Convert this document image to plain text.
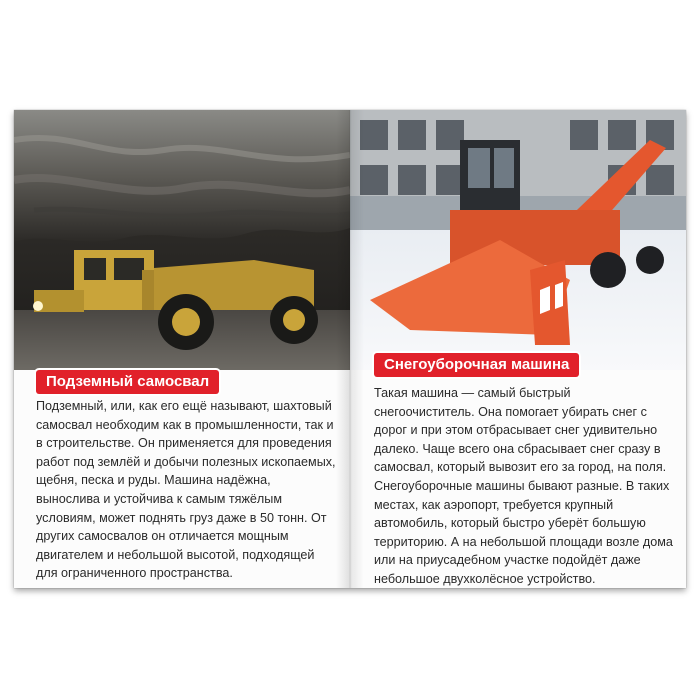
Подземный самосвал

Подземный, или, как его ещё называют, шахтовый самосвал необходим как в промышленности, так и в строительстве. Он применяется для проведения работ под землёй и добычи полезных ископаемых, щебня, песка и руды. Машина надёжна, вынослива и устойчива к самым тяжёлым условиям, может поднять груз даже в 50 тонн. От других самосвалов он отличается мощным двигателем и небольшой высотой, подходящей для ограниченного пространства.

Снегоуборочная машина

Такая машина — самый быстрый снегоочиститель. Она помогает убирать снег с дорог и при этом отбрасывает снег удивительно далеко. Чаще всего она сбрасывает снег сразу в самосвал, который вывозит его за город, на поля. Снегоуборочные машины бывают разные. В таких местах, как аэропорт, требуется крупный автомобиль, который быстро уберёт большую территорию. А на небольшой площади возле дома или на приусадебном участке подойдёт даже небольшое двухколёсное устройство.
